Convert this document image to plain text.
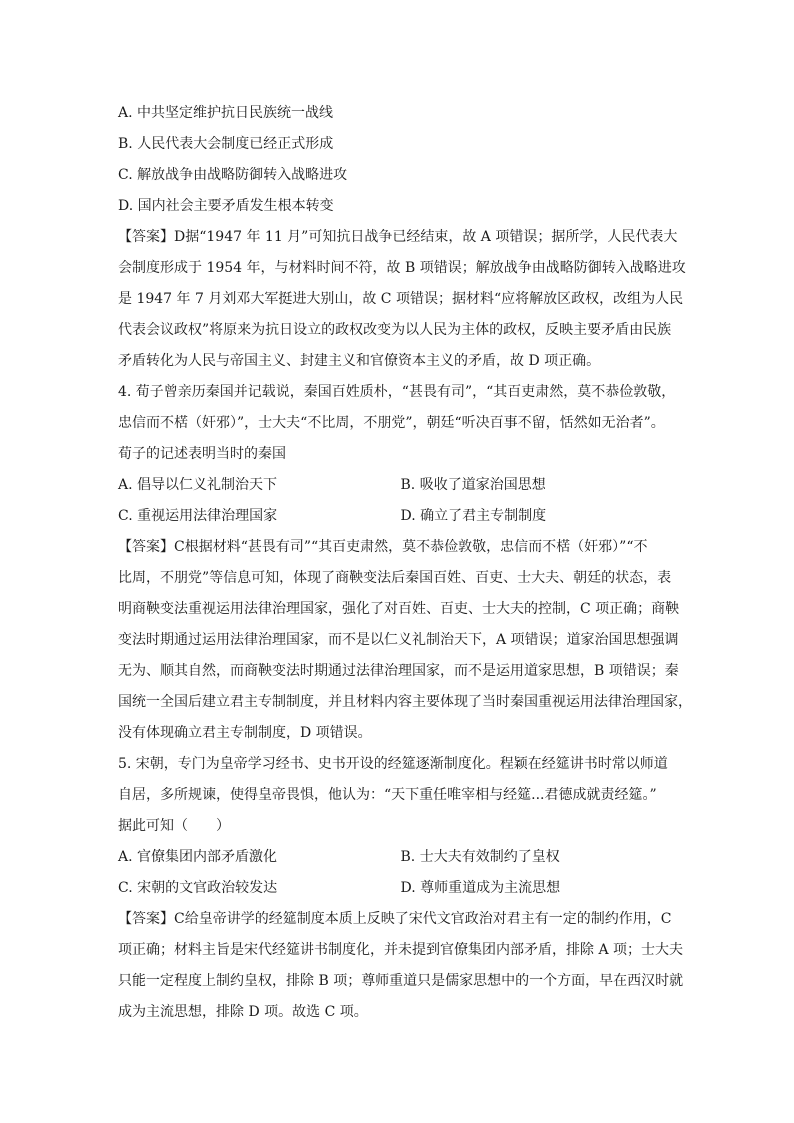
A. 中共坚定维护抗日民族统一战线
B. 人民代表大会制度已经正式形成
C. 解放战争由战略防御转入战略进攻
D. 国内社会主要矛盾发生根本转变
【答案】D据“1947 年 11 月”可知抗日战争已经结束，故 A 项错误；据所学，人民代表大
会制度形成于 1954 年，与材料时间不符，故 B 项错误；解放战争由战略防御转入战略进攻
是 1947 年 7 月刘邓大军挺进大别山，故 C 项错误；据材料“应将解放区政权，改组为人民
代表会议政权”将原来为抗日设立的政权改变为以人民为主体的政权，反映主要矛盾由民族
矛盾转化为人民与帝国主义、封建主义和官僚资本主义的矛盾，故 D 项正确。
4. 荀子曾亲历秦国并记载说，秦国百姓质朴，“甚畏有司”，“其百吏肃然，莫不恭俭敦敬，
忠信而不楛（奸邪）”，士大夫“不比周，不朋党”，朝廷“听决百事不留，恬然如无治者”。
荀子的记述表明当时的秦国
A. 倡导以仁义礼制治天下	B. 吸收了道家治国思想
C. 重视运用法律治理国家	D. 确立了君主专制制度
【答案】C根据材料“甚畏有司”“其百吏肃然，莫不恭俭敦敬，忠信而不楛（奸邪）”“不
比周，不朋党”等信息可知，体现了商鞅变法后秦国百姓、百吏、士大夫、朝廷的状态，表
明商鞅变法重视运用法律治理国家，强化了对百姓、百吏、士大夫的控制，C 项正确；商鞅
变法时期通过运用法律治理国家，而不是以仁义礼制治天下，A 项错误；道家治国思想强调
无为、顺其自然，而商鞅变法时期通过法律治理国家，而不是运用道家思想，B 项错误；秦
国统一全国后建立君主专制制度，并且材料内容主要体现了当时秦国重视运用法律治理国家，
没有体现确立君主专制制度，D 项错误。
5. 宋朝，专门为皇帝学习经书、史书开设的经筵逐渐制度化。程颖在经筵讲书时常以师道
自居，多所规谏，使得皇帝畏惧，他认为：“天下重任唯宰相与经筵...君德成就责经筵。”
据此可知（　　）
A. 官僚集团内部矛盾激化	B. 士大夫有效制约了皇权
C. 宋朝的文官政治较发达	D. 尊师重道成为主流思想
【答案】C给皇帝讲学的经筵制度本质上反映了宋代文官政治对君主有一定的制约作用，C
项正确；材料主旨是宋代经筵讲书制度化，并未提到官僚集团内部矛盾，排除 A 项；士大夫
只能一定程度上制约皇权，排除 B 项；尊师重道只是儒家思想中的一个方面，早在西汉时就
成为主流思想，排除 D 项。故选 C 项。
